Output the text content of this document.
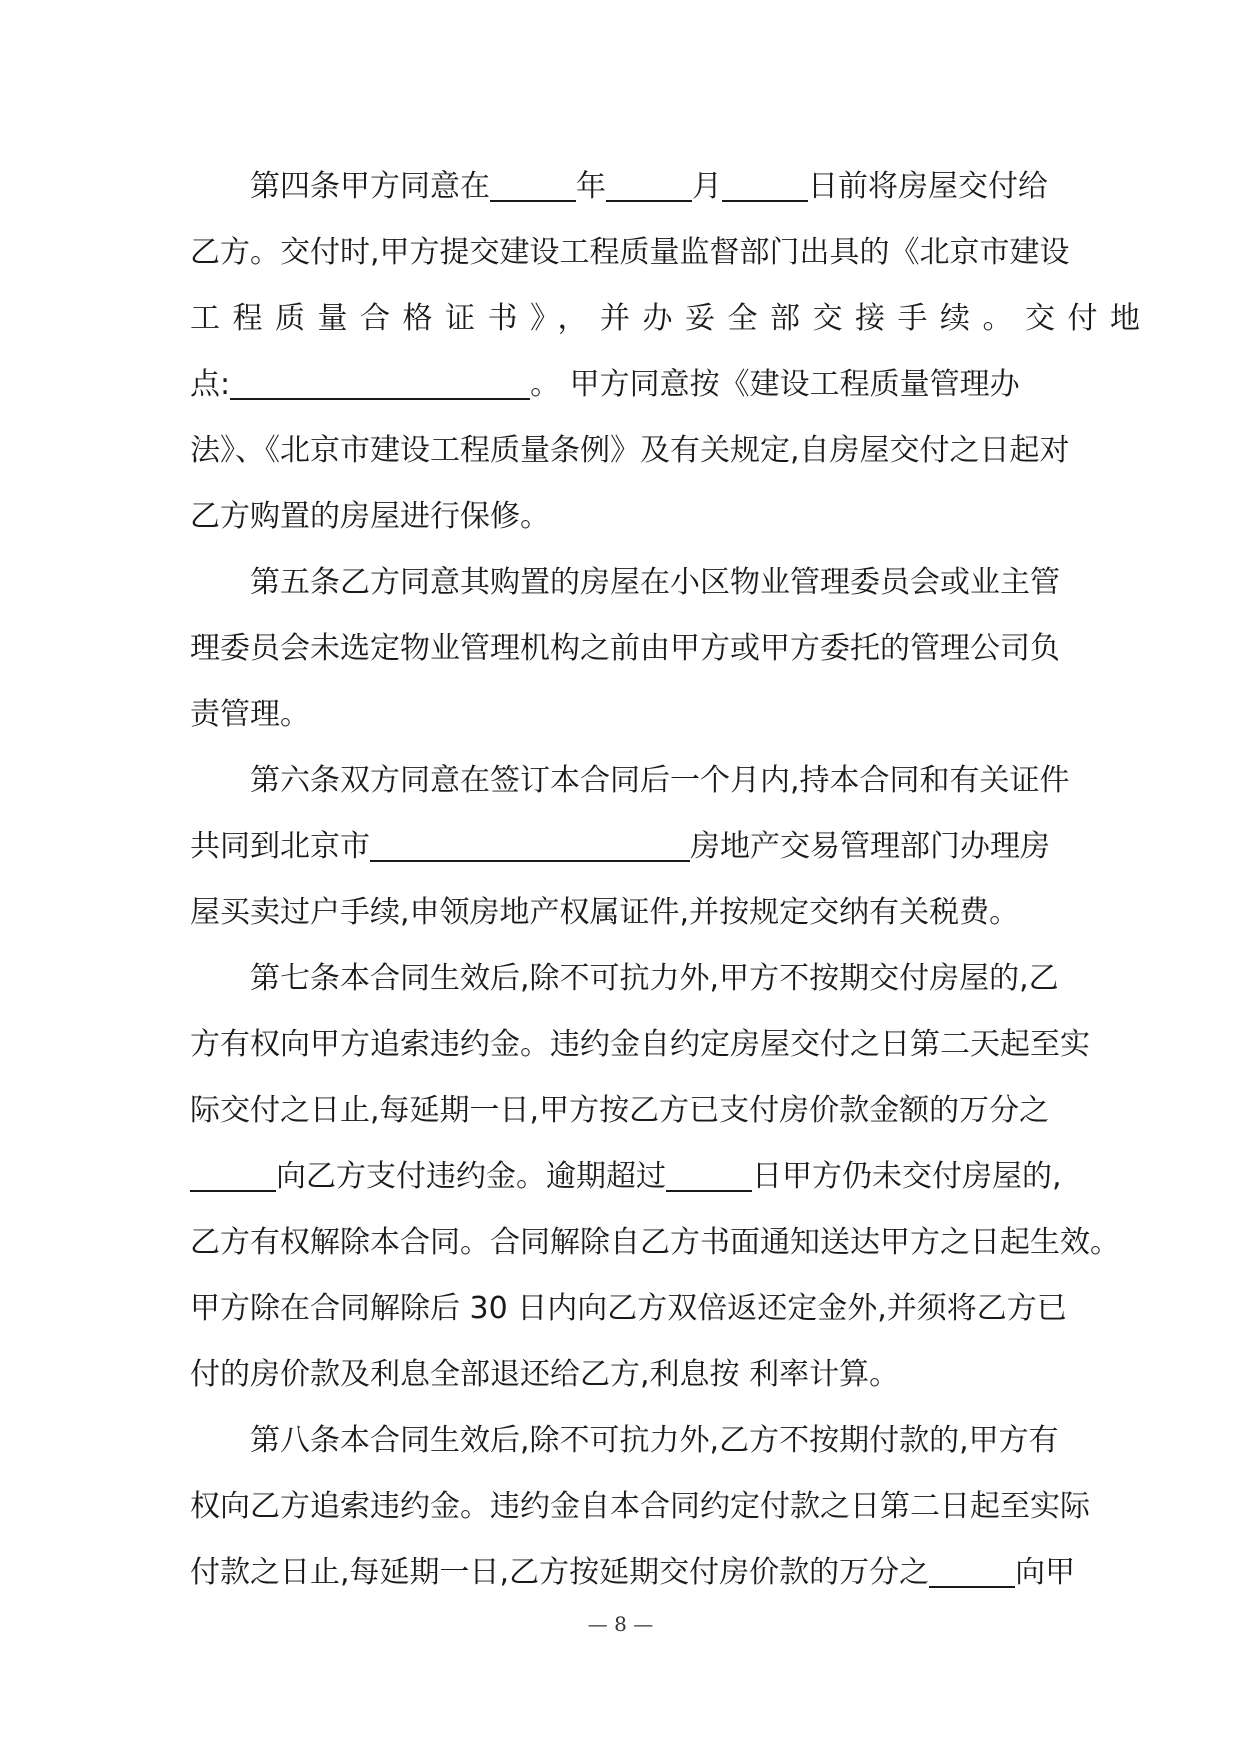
第四条甲方同意在	年	月	日前将房屋交付给
乙方。交付时,甲方提交建设工程质量监督部门出具的《北京市建设
工程质量合格证书》，并办妥全部交接手续。交付地
点:	。 甲方同意按《建设工程质量管理办
法》、《北京市建设工程质量条例》及有关规定,自房屋交付之日起对
乙方购置的房屋进行保修。
第五条乙方同意其购置的房屋在小区物业管理委员会或业主管
理委员会未选定物业管理机构之前由甲方或甲方委托的管理公司负
责管理。
第六条双方同意在签订本合同后一个月内,持本合同和有关证件
共同到北京市	房地产交易管理部门办理房
屋买卖过户手续,申领房地产权属证件,并按规定交纳有关税费。
第七条本合同生效后,除不可抗力外,甲方不按期交付房屋的,乙
方有权向甲方追索违约金。违约金自约定房屋交付之日第二天起至实
际交付之日止,每延期一日,甲方按乙方已支付房价款金额的万分之
向乙方支付违约金。逾期超过	日甲方仍未交付房屋的,
乙方有权解除本合同。合同解除自乙方书面通知送达甲方之日起生效。
甲方除在合同解除后 30 日内向乙方双倍返还定金外,并须将乙方已
付的房价款及利息全部退还给乙方,利息按 利率计算。
第八条本合同生效后,除不可抗力外,乙方不按期付款的,甲方有
权向乙方追索违约金。违约金自本合同约定付款之日第二日起至实际
付款之日止,每延期一日,乙方按延期交付房价款的万分之	向甲
— 8 —
